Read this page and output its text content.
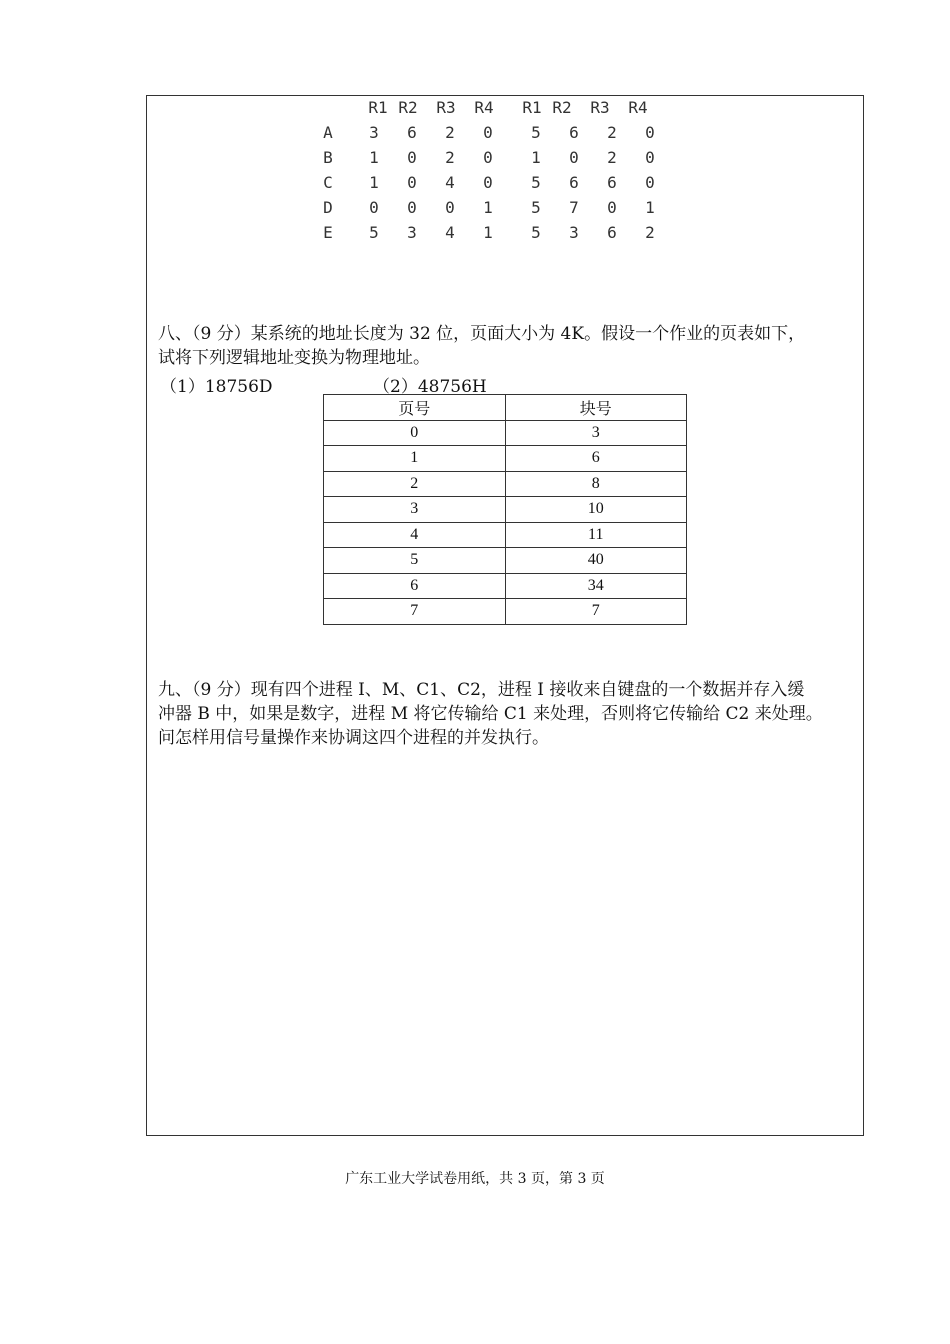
R1 R2 R3 R4 R1 R2 R3 R4
A	3	6	2	0	5	6	2	0
B	1	0	2	0	1	0	2	0
C	1	0	4	0	5	6	6	0
D	0	0	0	1	5	7	0	1
E	5	3	4	1	5	3	6	2
八、（9 分）某系统的地址长度为 32 位，页面大小为 4K。假设一个作业的页表如下，
试将下列逻辑地址变换为物理地址。
（1）18756D	（2）48756H
页号	块号
0	3
1	6
2	8
3	10
4	11
5	40
6	34
7	7
九、（9 分）现有四个进程 I、M、C1、C2，进程 I 接收来自键盘的一个数据并存入缓
冲器 B 中，如果是数字，进程 M 将它传输给 C1 来处理，否则将它传输给 C2 来处理。
问怎样用信号量操作来协调这四个进程的并发执行。
广东工业大学试卷用纸，共 3 页，第 3 页
